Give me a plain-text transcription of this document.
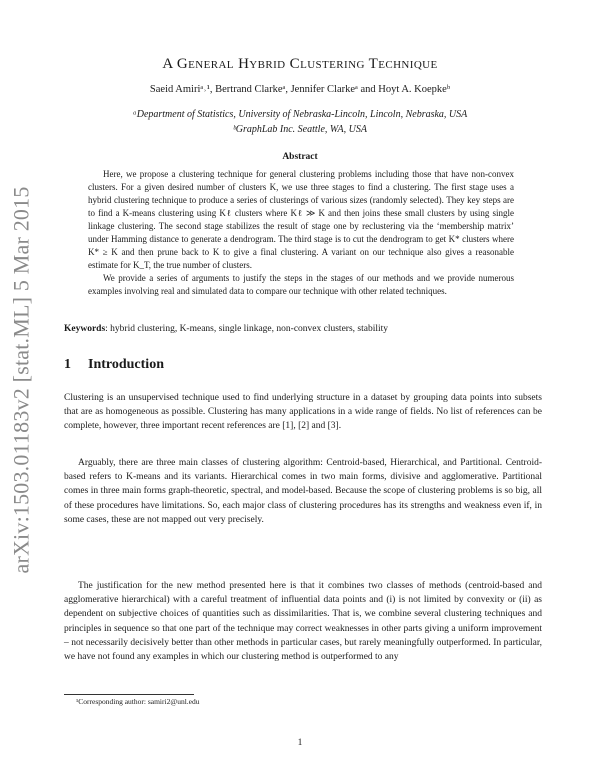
arXiv:1503.01183v2 [stat.ML] 5 Mar 2015
A General Hybrid Clustering Technique
Saeid Amiriᵃ˒¹, Bertrand Clarkeᵃ, Jennifer Clarkeᵃ and Hoyt A. Koepkeᵇ
ᵃDepartment of Statistics, University of Nebraska-Lincoln, Lincoln, Nebraska, USA
ᵇGraphLab Inc. Seattle, WA, USA
Abstract

Here, we propose a clustering technique for general clustering problems including those that have non-convex clusters. For a given desired number of clusters K, we use three stages to find a clustering. The first stage uses a hybrid clustering technique to produce a series of clusterings of various sizes (randomly selected). They key steps are to find a K-means clustering using Kℓ clusters where Kℓ ≫ K and then joins these small clusters by using single linkage clustering. The second stage stabilizes the result of stage one by reclustering via the ‘membership matrix’ under Hamming distance to generate a dendrogram. The third stage is to cut the dendrogram to get K* clusters where K* ≥ K and then prune back to K to give a final clustering. A variant on our technique also gives a reasonable estimate for K_T, the true number of clusters.

We provide a series of arguments to justify the steps in the stages of our methods and we provide numerous examples involving real and simulated data to compare our technique with other related techniques.

Keywords: hybrid clustering, K-means, single linkage, non-convex clusters, stability
1 Introduction

Clustering is an unsupervised technique used to find underlying structure in a dataset by grouping data points into subsets that are as homogeneous as possible. Clustering has many applications in a wide range of fields. No list of references can be complete, however, three important recent references are [1], [2] and [3].

Arguably, there are three main classes of clustering algorithm: Centroid-based, Hierarchical, and Partitional. Centroid-based refers to K-means and its variants. Hierarchical comes in two main forms, divisive and agglomerative. Partitional comes in three main forms graph-theoretic, spectral, and model-based. Because the scope of clustering problems is so big, all of these procedures have limitations. So, each major class of clustering procedures has its strengths and weakness even if, in some cases, these are not mapped out very precisely.

The justification for the new method presented here is that it combines two classes of methods (centroid-based and agglomerative hierarchical) with a careful treatment of influential data points and (i) is not limited by convexity or (ii) as dependent on subjective choices of quantities such as dissimilarities. That is, we combine several clustering techniques and principles in sequence so that one part of the technique may correct weaknesses in other parts giving a uniform improvement – not necessarily decisively better than other methods in particular cases, but rarely meaningfully outperformed. In particular, we have not found any examples in which our clustering method is outperformed to any

¹Corresponding author: samiri2@unl.edu
1
